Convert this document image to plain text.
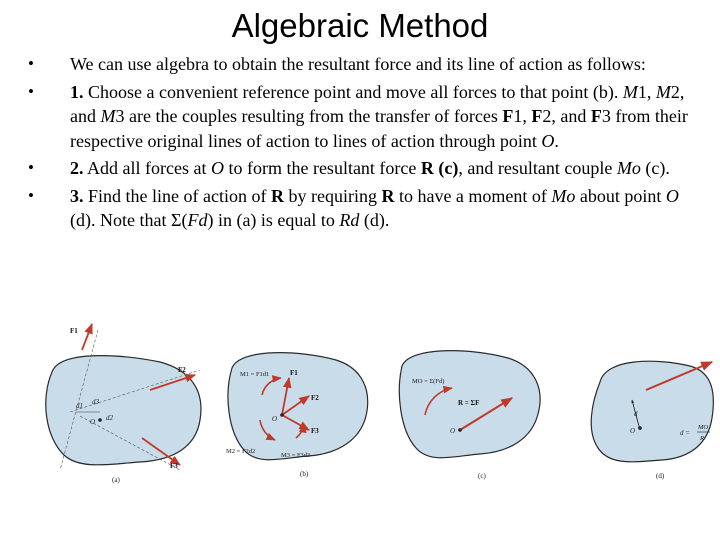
Algebraic Method
•	We can use algebra to obtain the resultant force and its line of action as follows:
•	1. Choose a convenient reference point and move all forces to that point (b). M1, M2, and M3 are the couples resulting from the transfer of forces F1, F2, and F3 from their respective original lines of action to lines of action through point O.
•	2. Add all forces at O to form the resultant force R (c), and resultant couple Mo (c).
•	3. Find the line of action of R by requiring R to have a moment of Mo about point O (d). Note that Σ(Fd) in (a) is equal to Rd (d).
F1
F2
F3
d1
d2
d3
O
(a)
M1 = F1d1
M2 = F2d2
M3 = F3d3
F1
F2
F3
O
(b)
MO = Σ(Fd)
R = ΣF
O
(c)
d
O	d =
MO
R
(d)
